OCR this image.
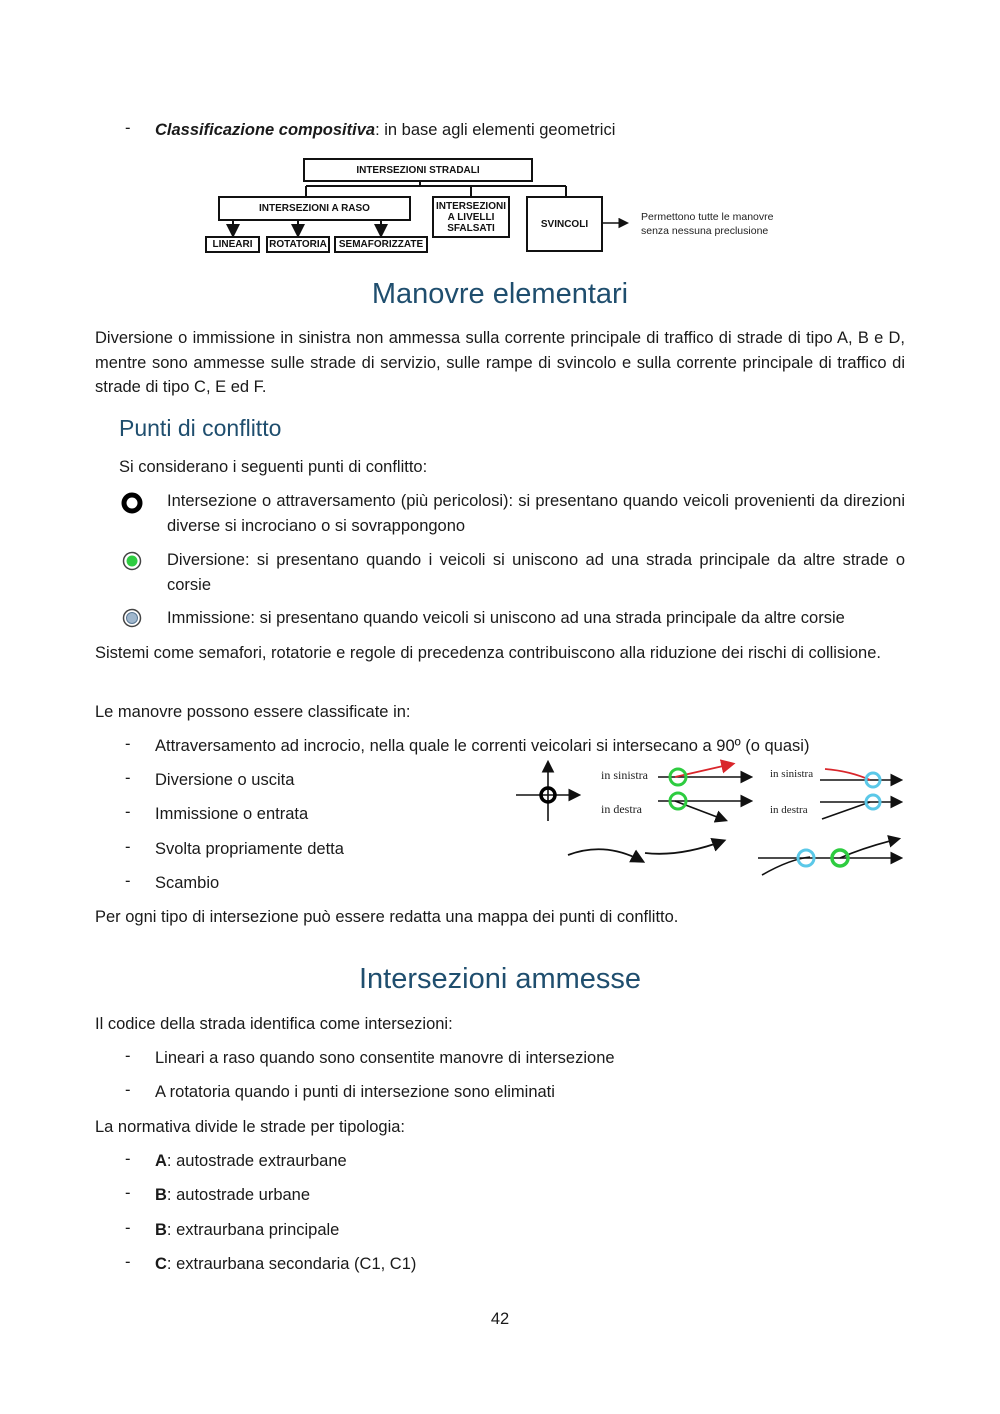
- Classificazione compositiva: in base agli elementi geometrici
INTERSEZIONI STRADALI
INTERSEZIONI A RASO	INTERSEZIONI
A LIVELLI
SFALSATI	SVINCOLI
Permettono tutte le manovre
senza nessuna preclusione
LINEARI	ROTATORIA	SEMAFORIZZATE
Manovre elementari
Diversione o immissione in sinistra non ammessa sulla corrente principale di traffico di strade di tipo A, B e D, mentre sono ammesse sulle strade di servizio, sulle rampe di svincolo e sulla corrente principale di traffico di strade di tipo C, E ed F.
Punti di conflitto
Si considerano i seguenti punti di conflitto:
Intersezione o attraversamento (più pericolosi): si presentano quando veicoli provenienti da direzioni diverse si incrociano o si sovrappongono
Diversione: si presentano quando i veicoli si uniscono ad una strada principale da altre strade o corsie
Immissione: si presentano quando veicoli si uniscono ad una strada principale da altre corsie
Sistemi come semafori, rotatorie e regole di precedenza contribuiscono alla riduzione dei rischi di collisione.
Le manovre possono essere classificate in:
- Attraversamento ad incrocio, nella quale le correnti veicolari si intersecano a 90º (o quasi)
- Diversione o uscita
- Immissione o entrata
- Svolta propriamente detta
- Scambio
in sinistra
in destra
in sinistra
in destra
Per ogni tipo di intersezione può essere redatta una mappa dei punti di conflitto.
Intersezioni ammesse
Il codice della strada identifica come intersezioni:
- Lineari a raso quando sono consentite manovre di intersezione
- A rotatoria quando i punti di intersezione sono eliminati
La normativa divide le strade per tipologia:
- A: autostrade extraurbane
- B: autostrade urbane
- B: extraurbana principale
- C: extraurbana secondaria (C1, C1)
42
